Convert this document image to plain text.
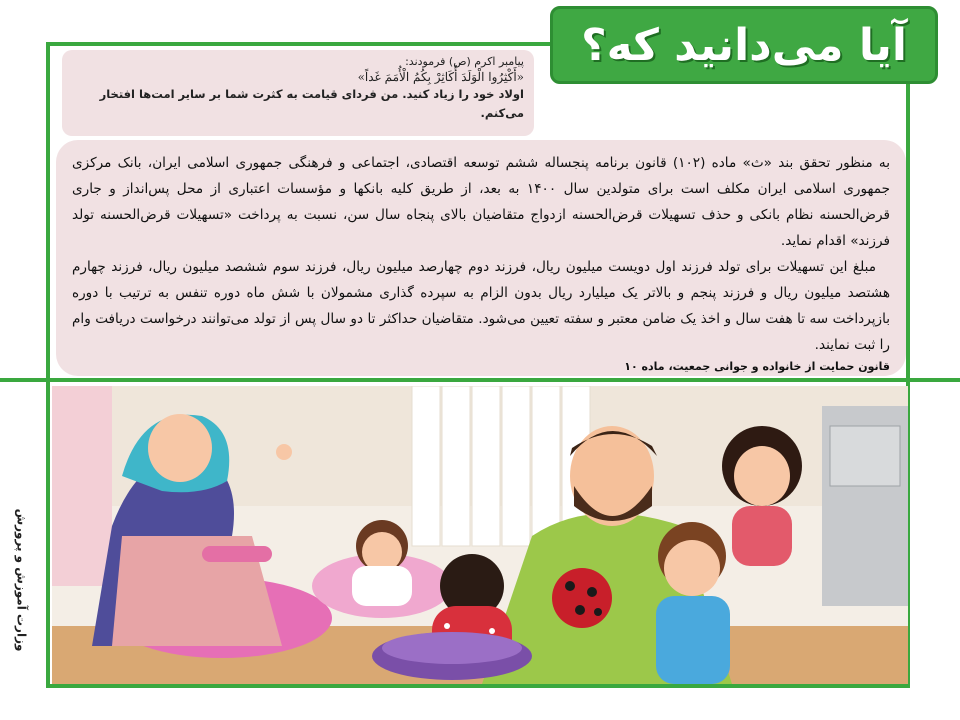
آیا می‌دانید که؟
پیامبر اکرم (ص) فرمودند:
«أَكْثِرُوا الْوَلَدَ أُكَاثِرْ بِكُمُ الْأُمَمَ غَداً»
اولاد خود را زیاد کنید. من فردای قیامت به کثرت شما بر سایر امت‌ها افتخار می‌کنم.

به منظور تحقق بند «ث» ماده (۱۰۲) قانون برنامه پنجساله ششم توسعه اقتصادی، اجتماعی و فرهنگی جمهوری اسلامی ایران، بانک مرکزی جمهوری اسلامی ایران مکلف است برای متولدین سال ۱۴۰۰ به بعد، از طریق کلیه بانکها و مؤسسات اعتباری از محل پس‌انداز و جاری قرض‌الحسنه نظام بانکی و حذف تسهیلات قرض‌الحسنه ازدواج متقاضیان بالای پنجاه سال سن، نسبت به پرداخت «تسهیلات قرض‌الحسنه تولد فرزند» اقدام نماید.

مبلغ این تسهیلات برای تولد فرزند اول دویست میلیون ریال، فرزند دوم چهارصد میلیون ریال، فرزند سوم ششصد میلیون ریال، فرزند چهارم هشتصد میلیون ریال و فرزند پنجم و بالاتر یک میلیارد ریال بدون الزام به سپرده گذاری مشمولان با شش ماه دوره تنفس به ترتیب با دوره بازپرداخت سه تا هفت سال و اخذ یک ضامن معتبر و سفته تعیین می‌شود. متقاضیان حداکثر تا دو سال پس از تولد می‌توانند درخواست دریافت وام را ثبت نمایند.

قانون حمایت از خانواده و جوانی جمعیت، ماده ۱۰
وزارت آموزش و پرورش
